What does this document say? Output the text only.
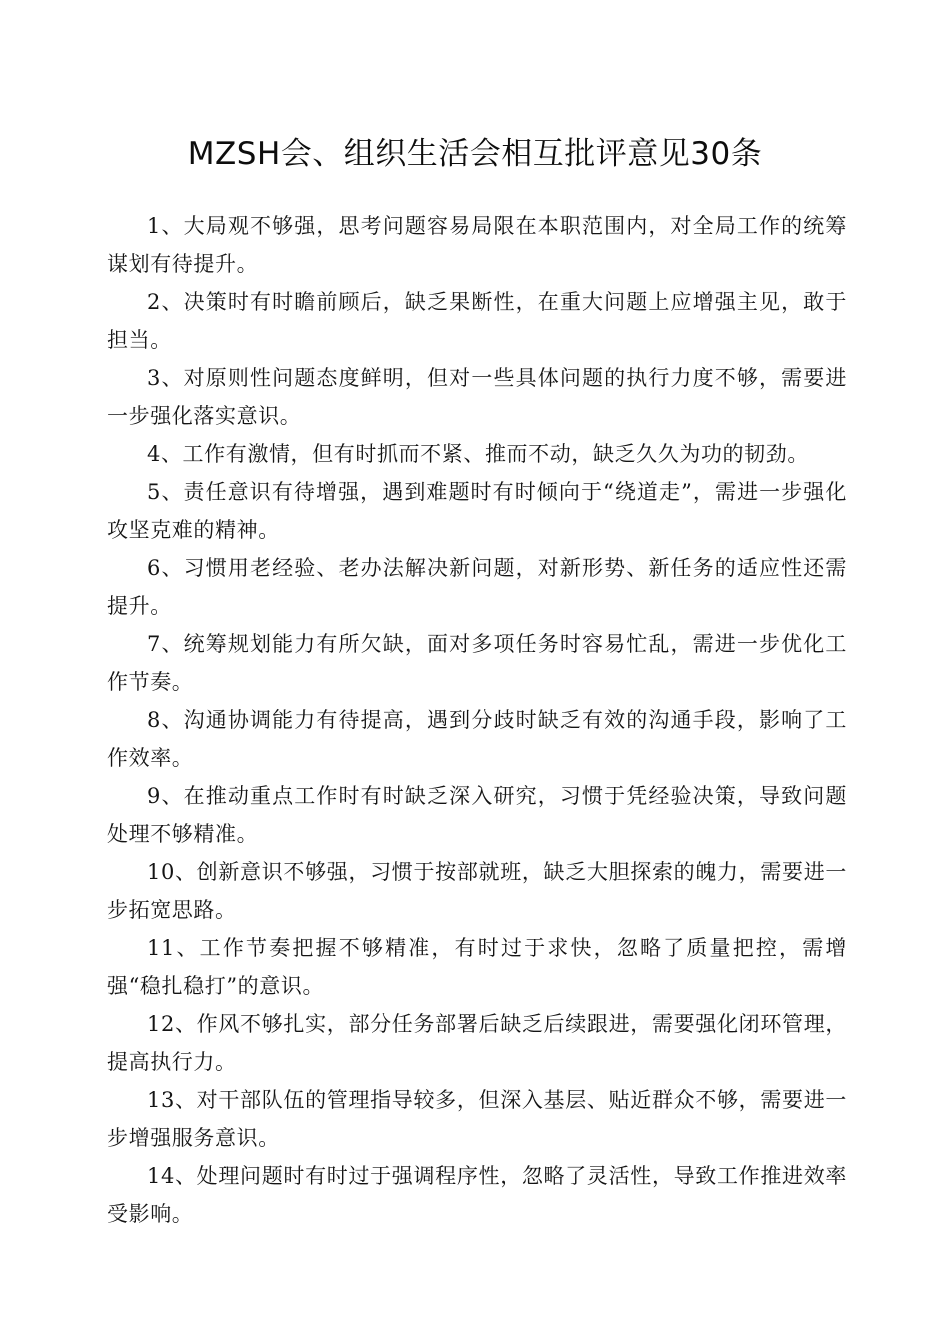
MZSH会、组织生活会相互批评意见30条

1、大局观不够强，思考问题容易局限在本职范围内，对全局工作的统筹谋划有待提升。

2、决策时有时瞻前顾后，缺乏果断性，在重大问题上应增强主见，敢于担当。

3、对原则性问题态度鲜明，但对一些具体问题的执行力度不够，需要进一步强化落实意识。

4、工作有激情，但有时抓而不紧、推而不动，缺乏久久为功的韧劲。

5、责任意识有待增强，遇到难题时有时倾向于“绕道走”，需进一步强化攻坚克难的精神。

6、习惯用老经验、老办法解决新问题，对新形势、新任务的适应性还需提升。

7、统筹规划能力有所欠缺，面对多项任务时容易忙乱，需进一步优化工作节奏。

8、沟通协调能力有待提高，遇到分歧时缺乏有效的沟通手段，影响了工作效率。

9、在推动重点工作时有时缺乏深入研究，习惯于凭经验决策，导致问题处理不够精准。

10、创新意识不够强，习惯于按部就班，缺乏大胆探索的魄力，需要进一步拓宽思路。

11、工作节奏把握不够精准，有时过于求快，忽略了质量把控，需增强“稳扎稳打”的意识。

12、作风不够扎实，部分任务部署后缺乏后续跟进，需要强化闭环管理，提高执行力。

13、对干部队伍的管理指导较多，但深入基层、贴近群众不够，需要进一步增强服务意识。

14、处理问题时有时过于强调程序性，忽略了灵活性，导致工作推进效率受影响。
